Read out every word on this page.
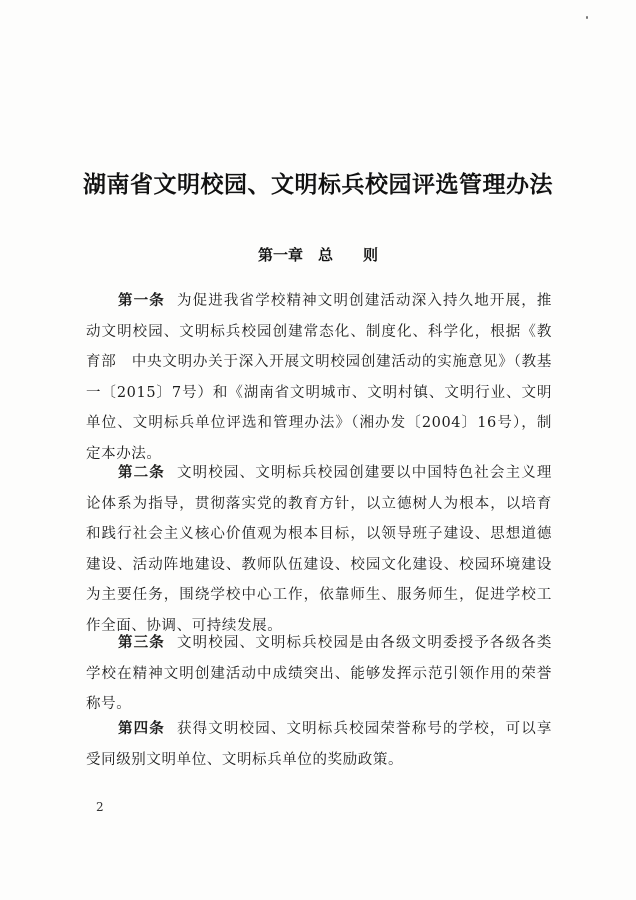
湖南省文明校园、文明标兵校园评选管理办法
第一章　总　　则

第一条 为促进我省学校精神文明创建活动深入持久地开展，推动文明校园、文明标兵校园创建常态化、制度化、科学化，根据《教育部　中央文明办关于深入开展文明校园创建活动的实施意见》（教基一〔2015〕7号）和《湖南省文明城市、文明村镇、文明行业、文明单位、文明标兵单位评选和管理办法》（湘办发〔2004〕16号），制定本办法。

第二条 文明校园、文明标兵校园创建要以中国特色社会主义理论体系为指导，贯彻落实党的教育方针，以立德树人为根本，以培育和践行社会主义核心价值观为根本目标，以领导班子建设、思想道德建设、活动阵地建设、教师队伍建设、校园文化建设、校园环境建设为主要任务，围绕学校中心工作，依靠师生、服务师生，促进学校工作全面、协调、可持续发展。

第三条 文明校园、文明标兵校园是由各级文明委授予各级各类学校在精神文明创建活动中成绩突出、能够发挥示范引领作用的荣誉称号。

第四条 获得文明校园、文明标兵校园荣誉称号的学校，可以享受同级别文明单位、文明标兵单位的奖励政策。

2
